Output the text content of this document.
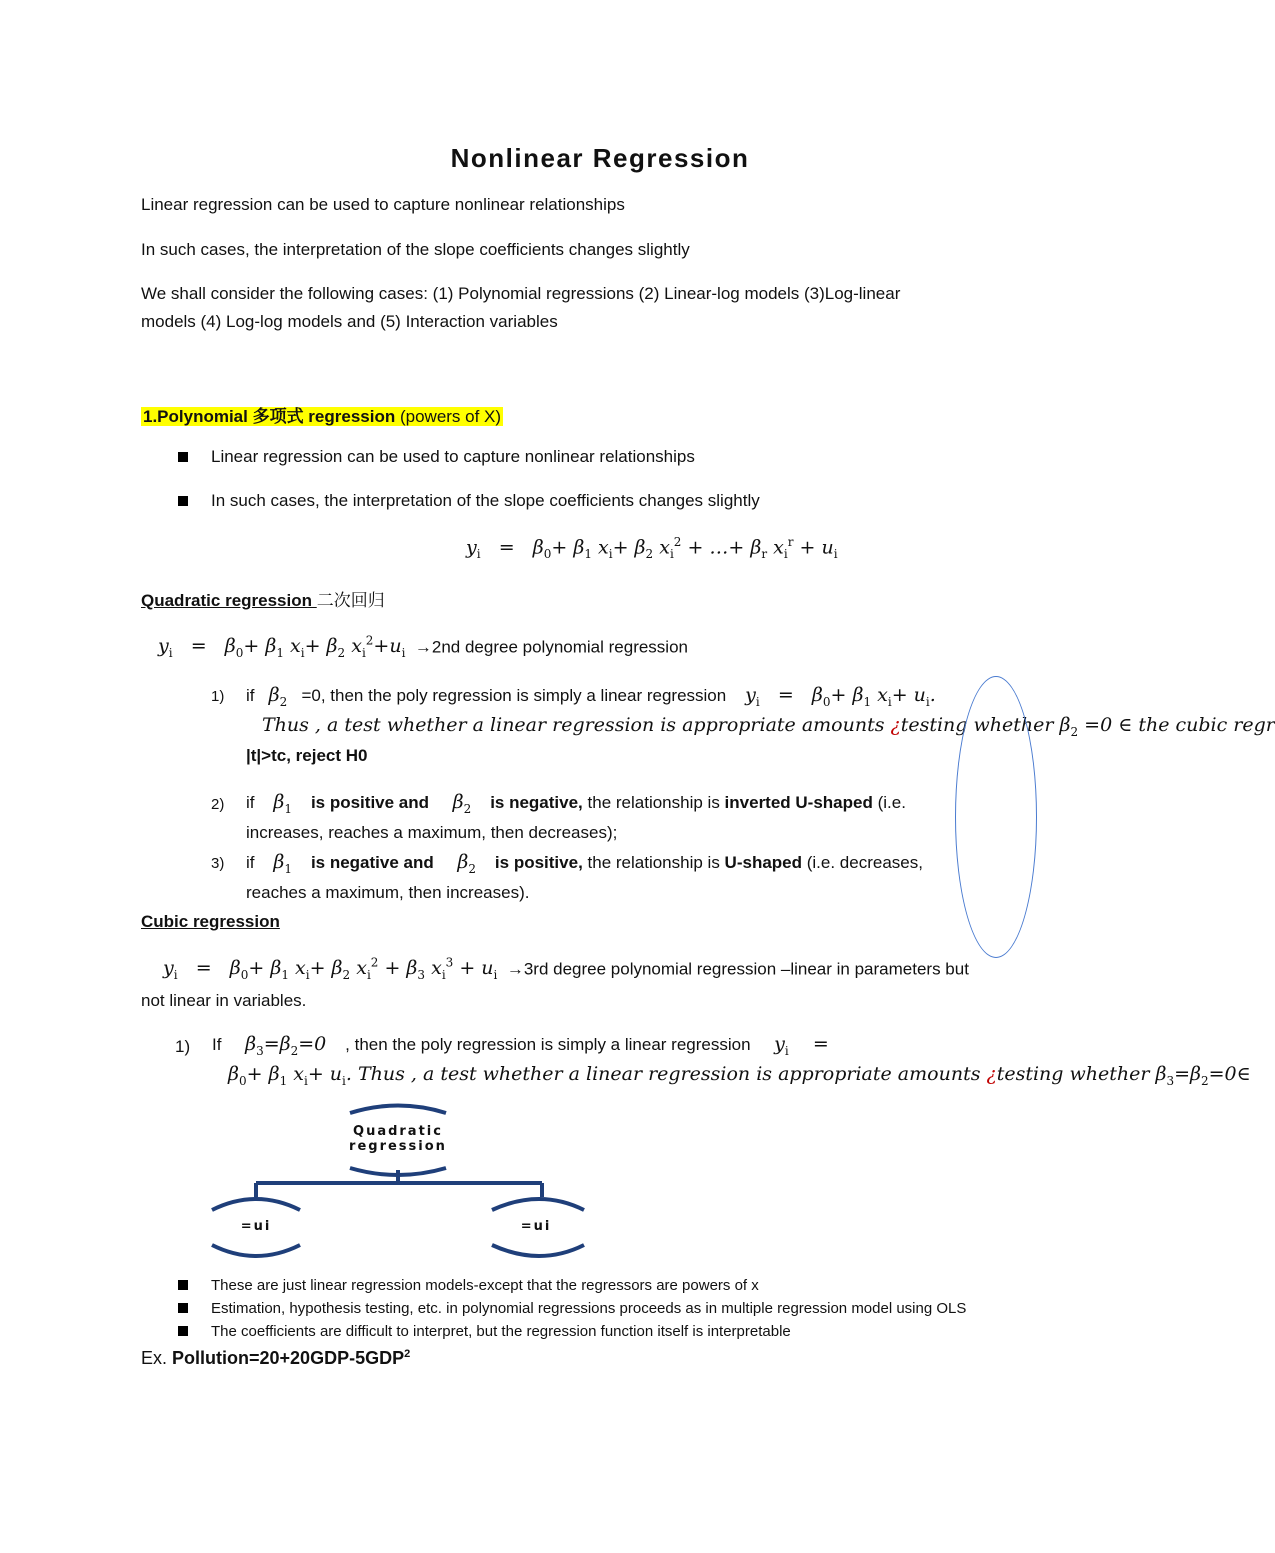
Nonlinear Regression
Linear regression can be used to capture nonlinear relationships
In such cases, the interpretation of the slope coefficients changes slightly
We shall consider the following cases: (1) Polynomial regressions (2) Linear-log models (3)Log-linear
models (4) Log-log models and (5) Interaction variables
1.Polynomial 多项式 regression (powers of X)
Linear regression can be used to capture nonlinear relationships
In such cases, the interpretation of the slope coefficients changes slightly
$y_i = \beta_0+ \beta_1$ $x_i+ \beta_2$ $x_i^2$ + …+ $\beta_r$ $x_i^r + u_i$
Quadratic regression 二次回归
$y_i = \beta_0+ \beta_1$ $x_i+ \beta_2$ $x_i^2+u_i \to 2nd$ degree polynomial regression
1) if $\beta_2 =0$, then the poly regression is simply a linear regression $y_i = \beta_0+ \beta_1$ $x_i+ u_i$.
Thus , a test whether a linear regression is appropriate amounts ¿testing whether $\beta_2 =0$ ∈ the cubic regr
|t|>tc, reject H0
2) if $\beta_1$ is positive and $\beta_2$ is negative, the relationship is inverted U-shaped (i.e.
increases, reaches a maximum, then decreases);
3) if $\beta_1$ is negative and $\beta_2$ is positive, the relationship is U-shaped (i.e. decreases,
reaches a maximum, then increases).
Cubic regression
$y_i = \beta_0+ \beta_1$ $x_i+ \beta_2$ $x_i^2 + \beta_3$ $x_i^3 + u_i \to 3rd$ degree polynomial regression –linear in parameters but
not linear in variables.
1) If $\beta_3=\beta_2=0$ , then the poly regression is simply a linear regression $y_i$    =
$\beta_0+ \beta_1$ $x_i+ u_i$. Thus , a test whether a linear regression is appropriate amounts ¿testing whether $\beta_3=\beta_2=0\in$
Quadratic
regression
=ui	=ui
These are just linear regression models-except that the regressors are powers of x
Estimation, hypothesis testing, etc. in polynomial regressions proceeds as in multiple regression model using OLS
The coefficients are difficult to interpret, but the regression function itself is interpretable
Ex. $Pollution=20+20GDP-5GDP^2$
